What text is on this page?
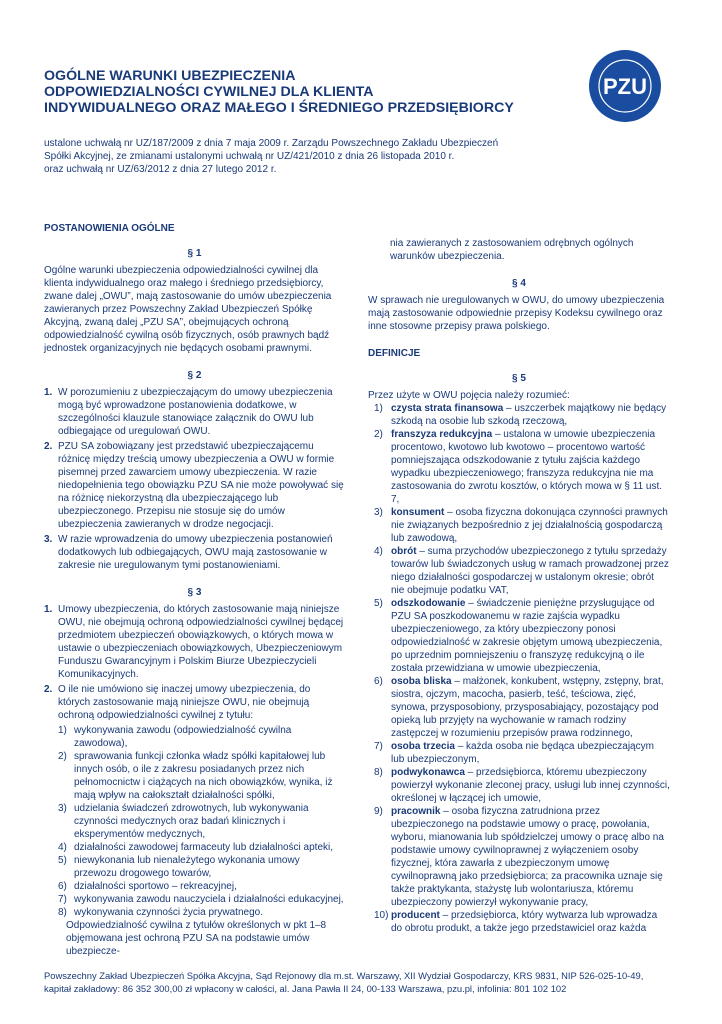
OGÓLNE WARUNKI UBEZPIECZENIA
ODPOWIEDZIALNOŚCI CYWILNEJ DLA KLIENTA
INDYWIDUALNEGO ORAZ MAŁEGO I ŚREDNIEGO PRZEDSIĘBIORCY
PZU
ustalone uchwałą nr UZ/187/2009 z dnia 7 maja 2009 r. Zarządu Powszechnego Zakładu Ubezpieczeń
Spółki Akcyjnej, ze zmianami ustalonymi uchwałą nr UZ/421/2010 z dnia 26 listopada 2010 r.
oraz uchwałą nr UZ/63/2012 z dnia 27 lutego 2012 r.
POSTANOWIENIA OGÓLNE
§ 1

Ogólne warunki ubezpieczenia odpowiedzialności cywilnej dla klienta indywidualnego oraz małego i średniego przedsiębiorcy, zwane dalej „OWU”, mają zastosowanie do umów ubezpieczenia zawieranych przez Powszechny Zakład Ubezpieczeń Spółkę Akcyjną, zwaną dalej „PZU SA”, obejmujących ochroną odpowiedzialność cywilną osób fizycznych, osób prawnych bądź jednostek organizacyjnych nie będących osobami prawnymi.

§ 2
1. W porozumieniu z ubezpieczającym do umowy ubezpieczenia mogą być wprowadzone postanowienia dodatkowe, w szczególności klauzule stanowiące załącznik do OWU lub odbiegające od uregulowań OWU.
2. PZU SA zobowiązany jest przedstawić ubezpieczającemu różnicę między treścią umowy ubezpieczenia a OWU w formie pisemnej przed zawarciem umowy ubezpieczenia. W razie niedopełnienia tego obowiązku PZU SA nie może powoływać się na różnicę niekorzystną dla ubezpieczającego lub ubezpieczonego. Przepisu nie stosuje się do umów ubezpieczenia zawieranych w drodze negocjacji.
3. W razie wprowadzenia do umowy ubezpieczenia postanowień dodatkowych lub odbiegających, OWU mają zastosowanie w zakresie nie uregulowanym tymi postanowieniami.
§ 3
1. Umowy ubezpieczenia, do których zastosowanie mają niniejsze OWU, nie obejmują ochroną odpowiedzialności cywilnej będącej przedmiotem ubezpieczeń obowiązkowych, o których mowa w ustawie o ubezpieczeniach obowiązkowych, Ubezpieczeniowym Funduszu Gwarancyjnym i Polskim Biurze Ubezpieczycieli Komunikacyjnych.
2. O ile nie umówiono się inaczej umowy ubezpieczenia, do których zastosowanie mają niniejsze OWU, nie obejmują ochroną odpowiedzialności cywilnej z tytułu:
1) wykonywania zawodu (odpowiedzialność cywilna zawodowa),
2) sprawowania funkcji członka władz spółki kapitałowej lub innych osób, o ile z zakresu posiadanych przez nich pełnomocnictw i ciążących na nich obowiązków, wynika, iż mają wpływ na całokształt działalności spółki,
3) udzielania świadczeń zdrowotnych, lub wykonywania czynności medycznych oraz badań klinicznych i eksperymentów medycznych,
4) działalności zawodowej farmaceuty lub działalności apteki,
5) niewykonania lub nienależytego wykonania umowy przewozu drogowego towarów,
6) działalności sportowo – rekreacyjnej,
7) wykonywania zawodu nauczyciela i działalności edukacyjnej,
8) wykonywania czynności życia prywatnego.

Odpowiedzialność cywilna z tytułów określonych w pkt 1–8 objęmowana jest ochroną PZU SA na podstawie umów ubezpiecze-

nia zawieranych z zastosowaniem odrębnych ogólnych warunków ubezpieczenia.

§ 4

W sprawach nie uregulowanych w OWU, do umowy ubezpieczenia mają zastosowanie odpowiednie przepisy Kodeksu cywilnego oraz inne stosowne przepisy prawa polskiego.

DEFINICJE
§ 5

Przez użyte w OWU pojęcia należy rozumieć:

1) czysta strata finansowa – uszczerbek majątkowy nie będący szkodą na osobie lub szkodą rzeczową,
2) franszyza redukcyjna – ustalona w umowie ubezpieczenia procentowo, kwotowo lub kwotowo – procentowo wartość pomniejszająca odszkodowanie z tytułu zajścia każdego wypadku ubezpieczeniowego; franszyza redukcyjna nie ma zastosowania do zwrotu kosztów, o których mowa w § 11 ust. 7,
3) konsument – osoba fizyczna dokonująca czynności prawnych nie związanych bezpośrednio z jej działalnością gospodarczą lub zawodową,
4) obrót – suma przychodów ubezpieczonego z tytułu sprzedaży towarów lub świadczonych usług w ramach prowadzonej przez niego działalności gospodarczej w ustalonym okresie; obrót nie obejmuje podatku VAT,
5) odszkodowanie – świadczenie pieniężne przysługujące od PZU SA poszkodowanemu w razie zajścia wypadku ubezpieczeniowego, za który ubezpieczony ponosi odpowiedzialność w zakresie objętym umową ubezpieczenia, po uprzednim pomniejszeniu o franszyzę redukcyjną o ile została przewidziana w umowie ubezpieczenia,
6) osoba bliska – małżonek, konkubent, wstępny, zstępny, brat, siostra, ojczym, macocha, pasierb, teść, teściowa, zięć, synowa, przysposobiony, przysposabiający, pozostający pod opieką lub przyjęty na wychowanie w ramach rodziny zastępczej w rozumieniu przepisów prawa rodzinnego,
7) osoba trzecia – każda osoba nie będąca ubezpieczającym lub ubezpieczonym,
8) podwykonawca – przedsiębiorca, któremu ubezpieczony powierzył wykonanie zleconej pracy, usługi lub innej czynności, określonej w łączącej ich umowie,
9) pracownik – osoba fizyczna zatrudniona przez ubezpieczonego na podstawie umowy o pracę, powołania, wyboru, mianowania lub spółdzielczej umowy o pracę albo na podstawie umowy cywilnoprawnej z wyłączeniem osoby fizycznej, która zawarła z ubezpieczonym umowę cywilnoprawną jako przedsiębiorca; za pracownika uznaje się także praktykanta, stażystę lub wolontariusza, któremu ubezpieczony powierzył wykonywanie pracy,
10) producent – przedsiębiorca, który wytwarza lub wprowadza do obrotu produkt, a także jego przedstawiciel oraz każda
Powszechny Zakład Ubezpieczeń Spółka Akcyjna, Sąd Rejonowy dla m.st. Warszawy, XII Wydział Gospodarczy, KRS 9831, NIP 526-025-10-49,
kapitał zakładowy: 86 352 300,00 zł wpłacony w całości, al. Jana Pawła II 24, 00-133 Warszawa, pzu.pl, infolinia: 801 102 102
